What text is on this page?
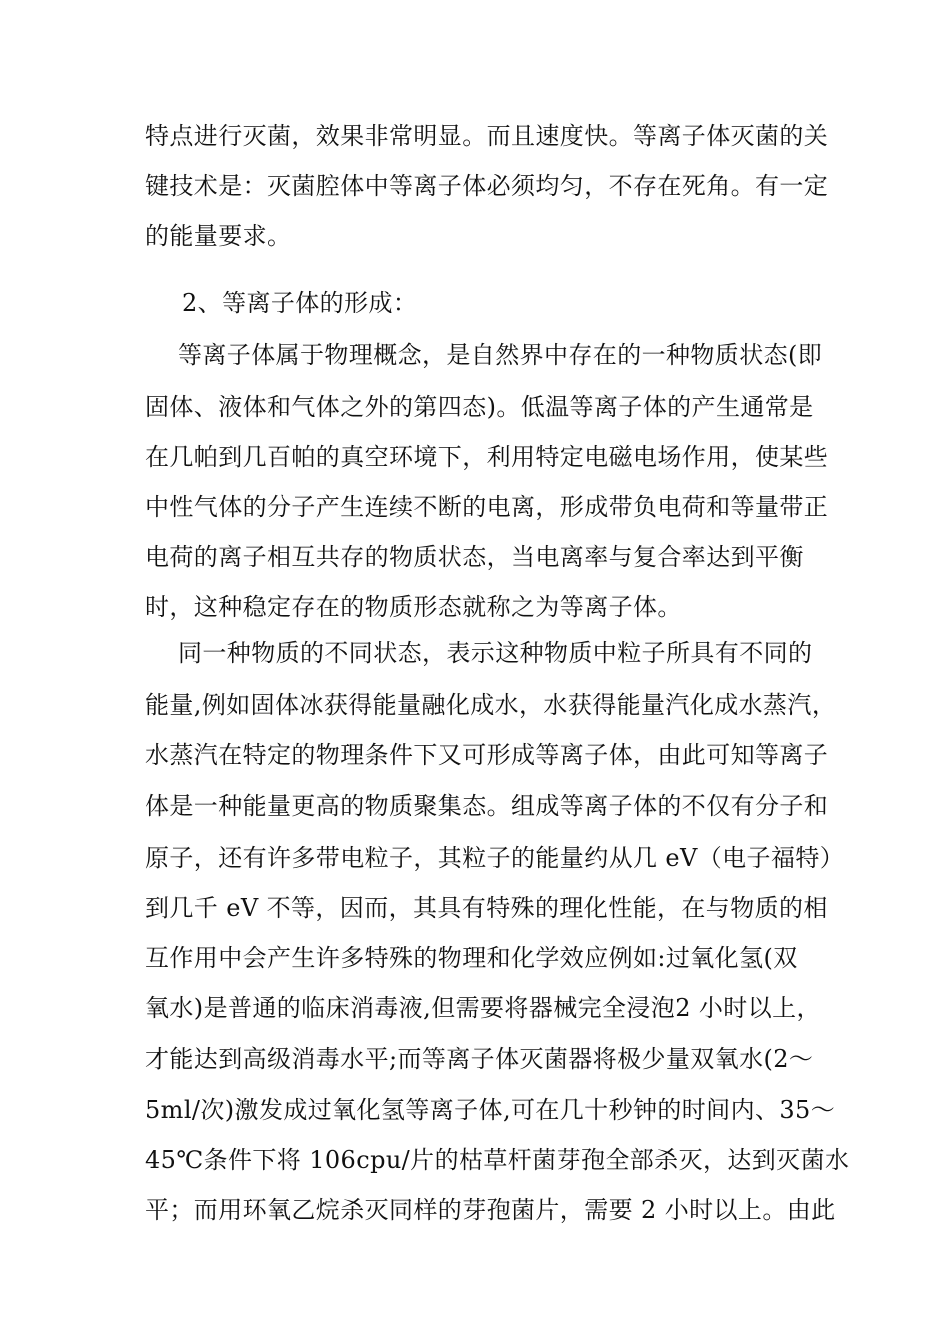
特点进行灭菌，效果非常明显。而且速度快。等离子体灭菌的关
键技术是：灭菌腔体中等离子体必须均匀，不存在死角。有一定
的能量要求。
2、等离子体的形成：
等离子体属于物理概念，是自然界中存在的一种物质状态(即
固体、液体和气体之外的第四态)。低温等离子体的产生通常是
在几帕到几百帕的真空环境下，利用特定电磁电场作用，使某些
中性气体的分子产生连续不断的电离，形成带负电荷和等量带正
电荷的离子相互共存的物质状态，当电离率与复合率达到平衡
时，这种稳定存在的物质形态就称之为等离子体。
同一种物质的不同状态，表示这种物质中粒子所具有不同的
能量,例如固体冰获得能量融化成水，水获得能量汽化成水蒸汽，
水蒸汽在特定的物理条件下又可形成等离子体，由此可知等离子
体是一种能量更高的物质聚集态。组成等离子体的不仅有分子和
原子，还有许多带电粒子，其粒子的能量约从几 eV（电子福特）
到几千 eV 不等，因而，其具有特殊的理化性能，在与物质的相
互作用中会产生许多特殊的物理和化学效应例如:过氧化氢(双
氧水)是普通的临床消毒液,但需要将器械完全浸泡2 小时以上，
才能达到高级消毒水平;而等离子体灭菌器将极少量双氧水(2～
5ml/次)激发成过氧化氢等离子体,可在几十秒钟的时间内、35～
45℃条件下将 106cpu/片的枯草杆菌芽孢全部杀灭，达到灭菌水
平；而用环氧乙烷杀灭同样的芽孢菌片，需要 2 小时以上。由此
